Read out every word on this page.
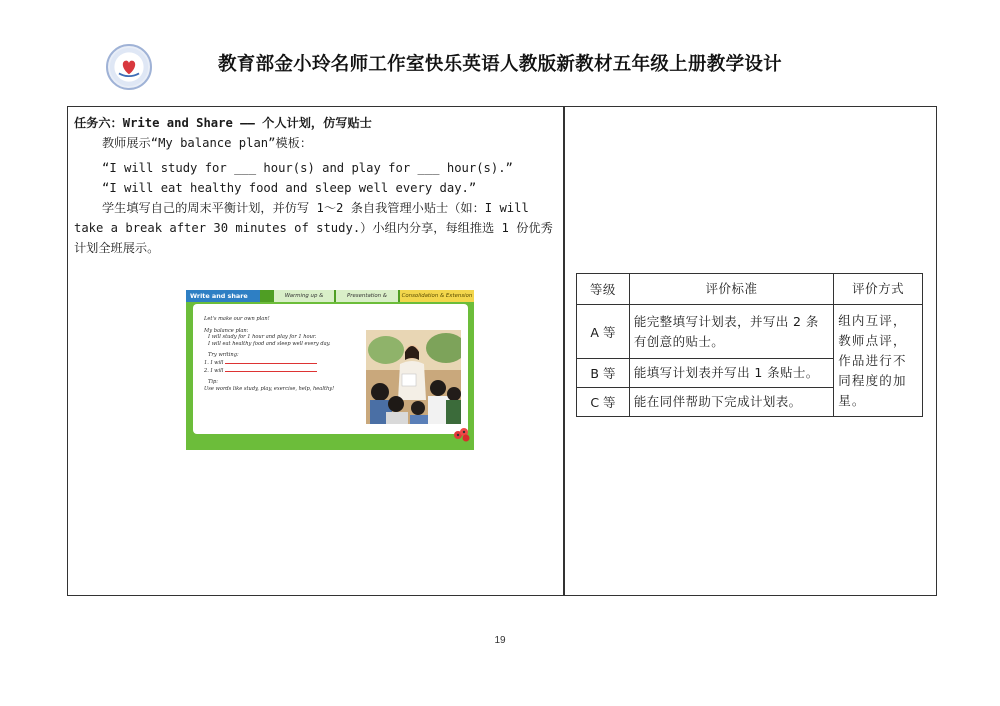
教育部金小玲名师工作室快乐英语人教版新教材五年级上册教学设计
任务六：Write and Share —— 个人计划，仿写贴士
教师展示“My balance plan”模板：
“I will study for ___ hour(s) and play for ___ hour(s).”
“I will eat healthy food and sleep well every day.”
学生填写自己的周末平衡计划，并仿写 1～2 条自我管理小贴士（如：I will take a break after 30 minutes of study.）小组内分享，每组推选 1 份优秀计划全班展示。
Write and share	Warming up &	Presentation &	Consolidation & Extension
Let's make our own plan!
My balance plan:
I will study for 1 hour and play for 1 hour.
I will eat healthy food and sleep well every day.
Try writing:
1. I will
2. I will
Tip:
Use words like study, play, exercise, help, healthy!
等级	评价标准	评价方式
A 等	能完整填写计划表，并写出 2 条有创意的贴士。	组内互评，教师点评，作品进行不同程度的加星。
B 等	能填写计划表并写出 1 条贴士。	
C 等	能在同伴帮助下完成计划表。	
19
